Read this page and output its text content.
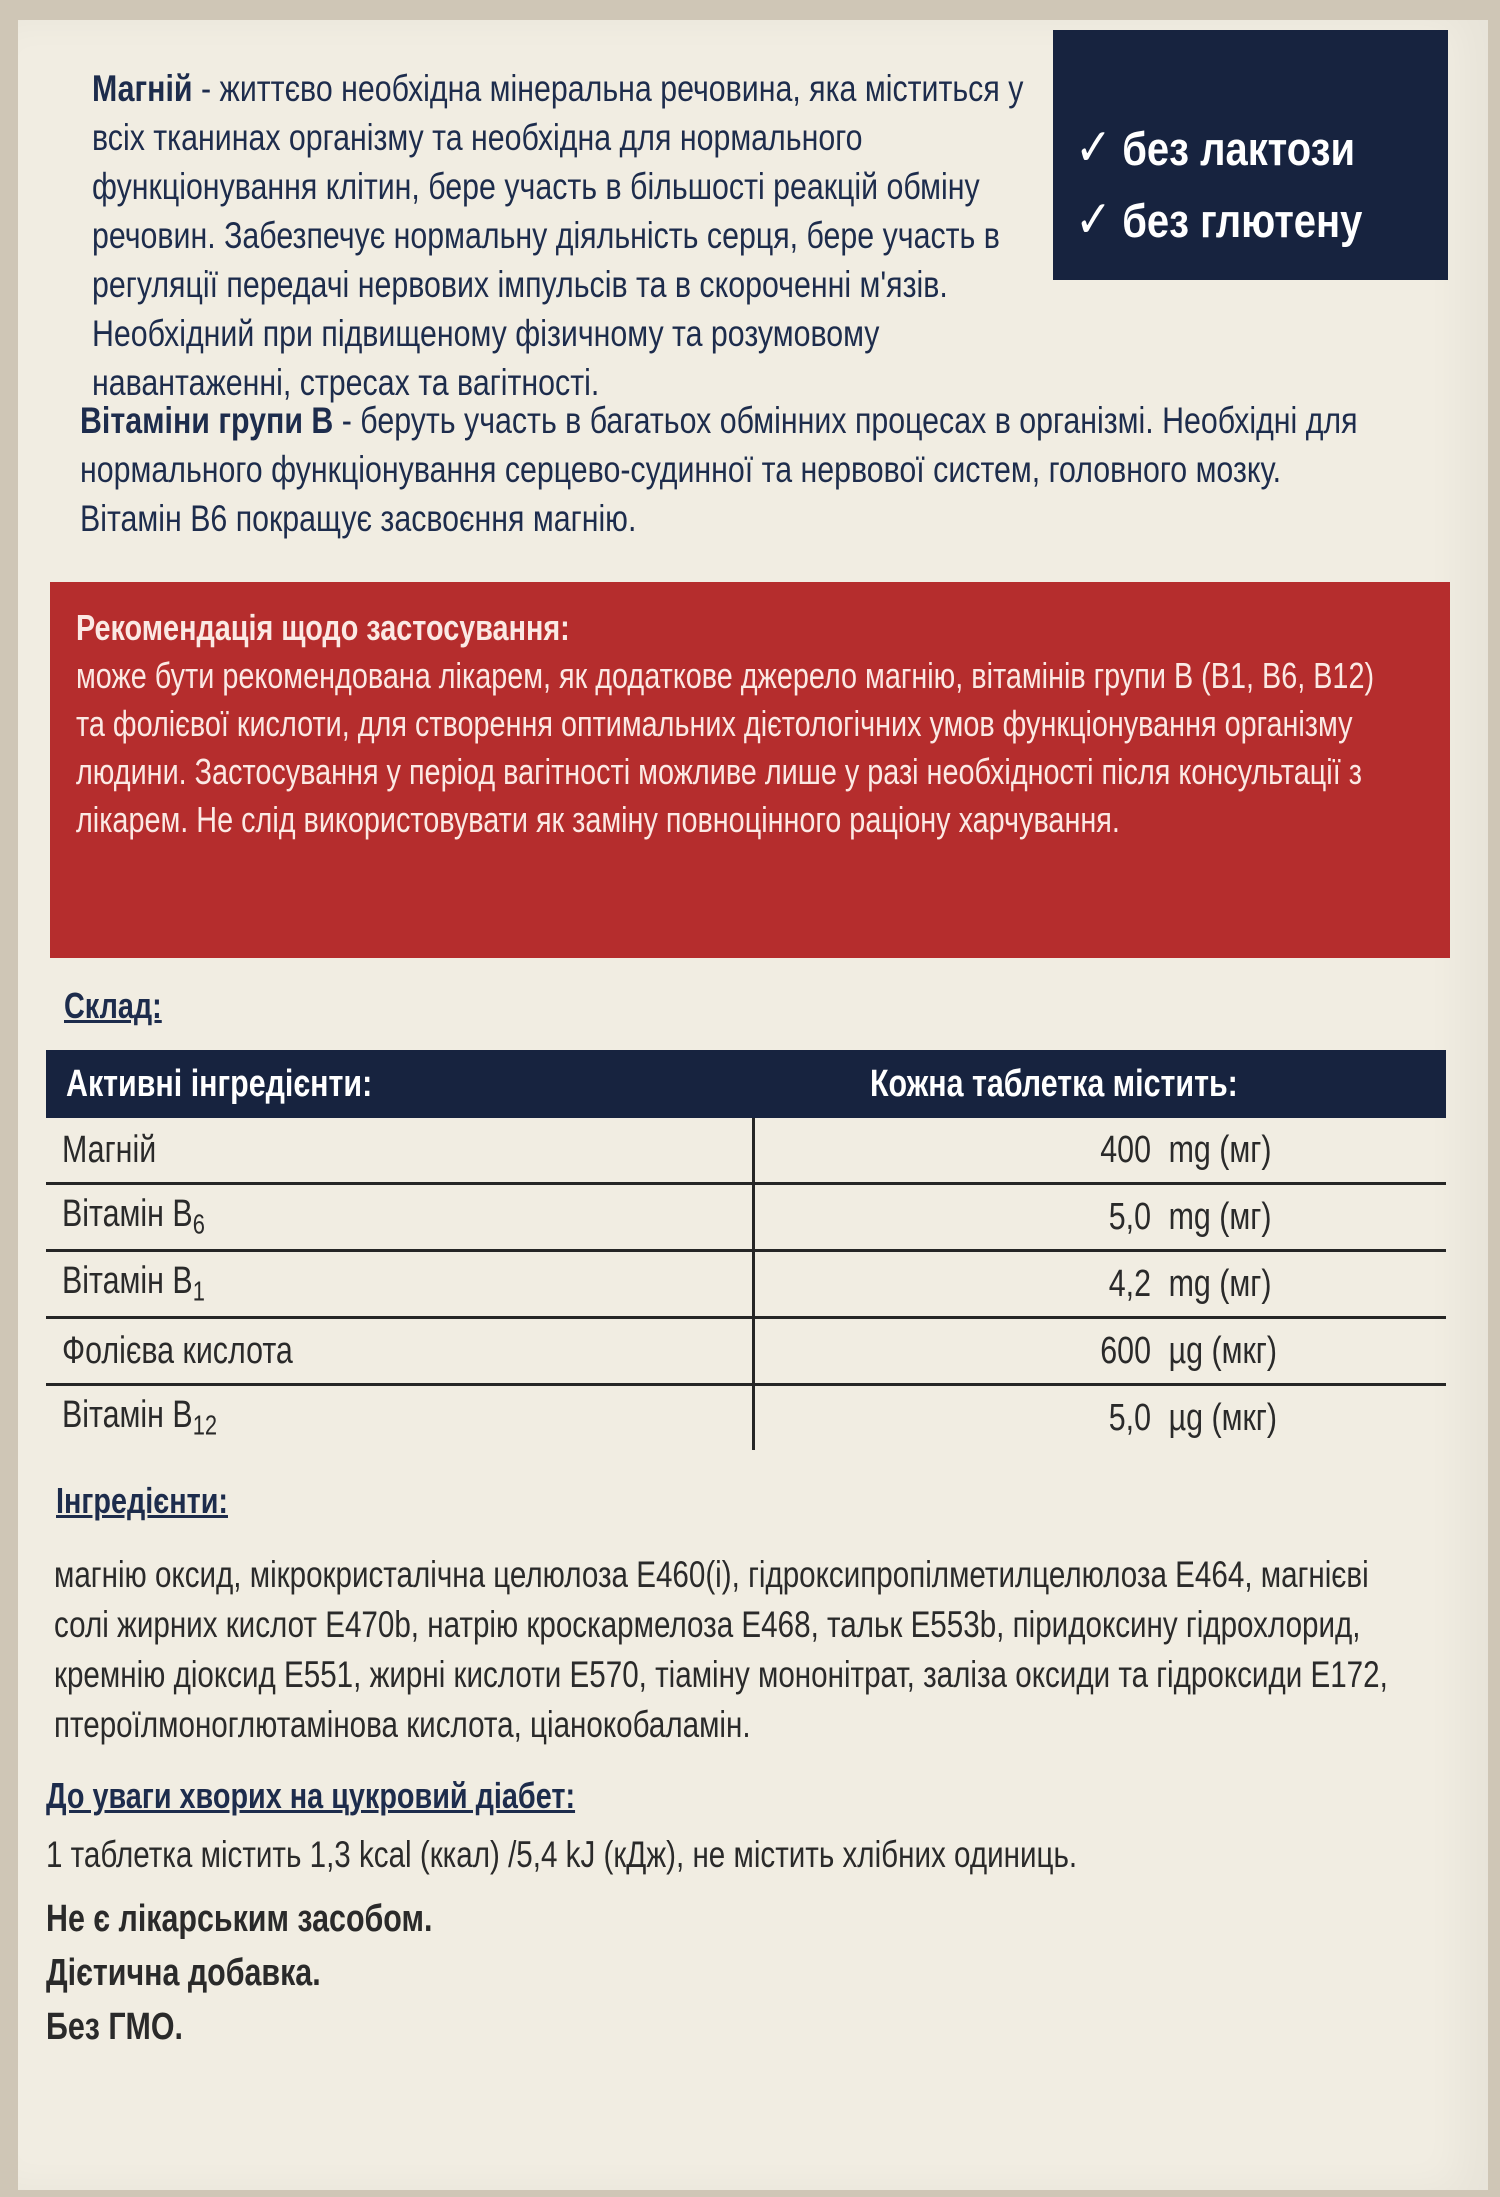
✓ без лактози
✓ без глютену
Магній - життєво необхідна мінеральна речовина, яка міститься у всіх тканинах організму та необхідна для нормального функціонування клітин, бере участь в більшості реакцій обміну речовин. Забезпечує нормальну діяльність серця, бере участь в регуляції передачі нервових імпульсів та в скороченні м'язів. Необхідний при підвищеному фізичному та розумовому навантаженні, стресах та вагітності.
Вітаміни групи B - беруть участь в багатьох обмінних процесах в організмі. Необхідні для нормального функціонування серцево-судинної та нервової систем, головного мозку.
Вітамін B6 покращує засвоєння магнію.
Рекомендація щодо застосування:
може бути рекомендована лікарем, як додаткове джерело магнію, вітамінів групи B (B1, B6, B12) та фолієвої кислоти, для створення оптимальних дієтологічних умов функціонування організму людини. Застосування у період вагітності можливе лише у разі необхідності після консультації з лікарем. Не слід використовувати як заміну повноцінного раціону харчування.
Склад:
Активні інгредієнти:	Кожна таблетка містить:
Магній	400 mg (мг)
Вітамін $B_6$	5,0 mg (мг)
Вітамін $B_1$	4,2 mg (мг)
Фолієва кислота	600 µg (мкг)
Вітамін $B_{12}$	5,0 µg (мкг)
Інгредієнти:
магнію оксид, мікрокристалічна целюлоза E460(i), гідроксипропілметилцелюлоза E464, магнієві солі жирних кислот E470b, натрію кроскармелоза E468, тальк E553b, піридоксину гідрохлорид, кремнію діоксид E551, жирні кислоти E570, тіаміну мононітрат, заліза оксиди та гідроксиди E172, птероїлмоноглютамінова кислота, ціанокобаламін.
До уваги хворих на цукровий діабет:
1 таблетка містить 1,3 kcal (ккал) /5,4 kJ (кДж), не містить хлібних одиниць.
Не є лікарським засобом.
Дієтична добавка.
Без ГМО.
